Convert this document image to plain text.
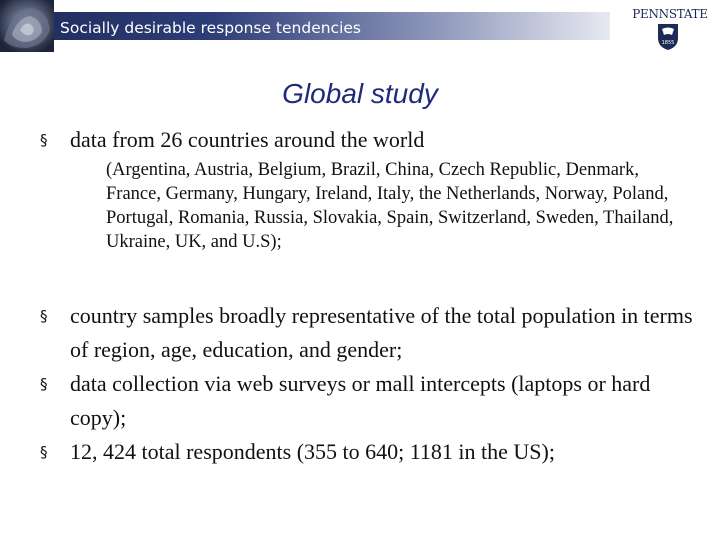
Socially desirable response tendencies
PENNSTATE
1855
Global study
§	data from 26 countries around the world
(Argentina, Austria, Belgium, Brazil, China, Czech Republic, Denmark, France, Germany, Hungary, Ireland, Italy, the Netherlands, Norway, Poland, Portugal, Romania, Russia, Slovakia, Spain, Switzerland, Sweden, Thailand, Ukraine, UK, and U.S);
§	country samples broadly representative of the total population in terms of region, age, education, and gender;
§	data collection via web surveys or mall intercepts (laptops or hard copy);
§	12, 424 total respondents (355 to 640; 1181 in the US);
